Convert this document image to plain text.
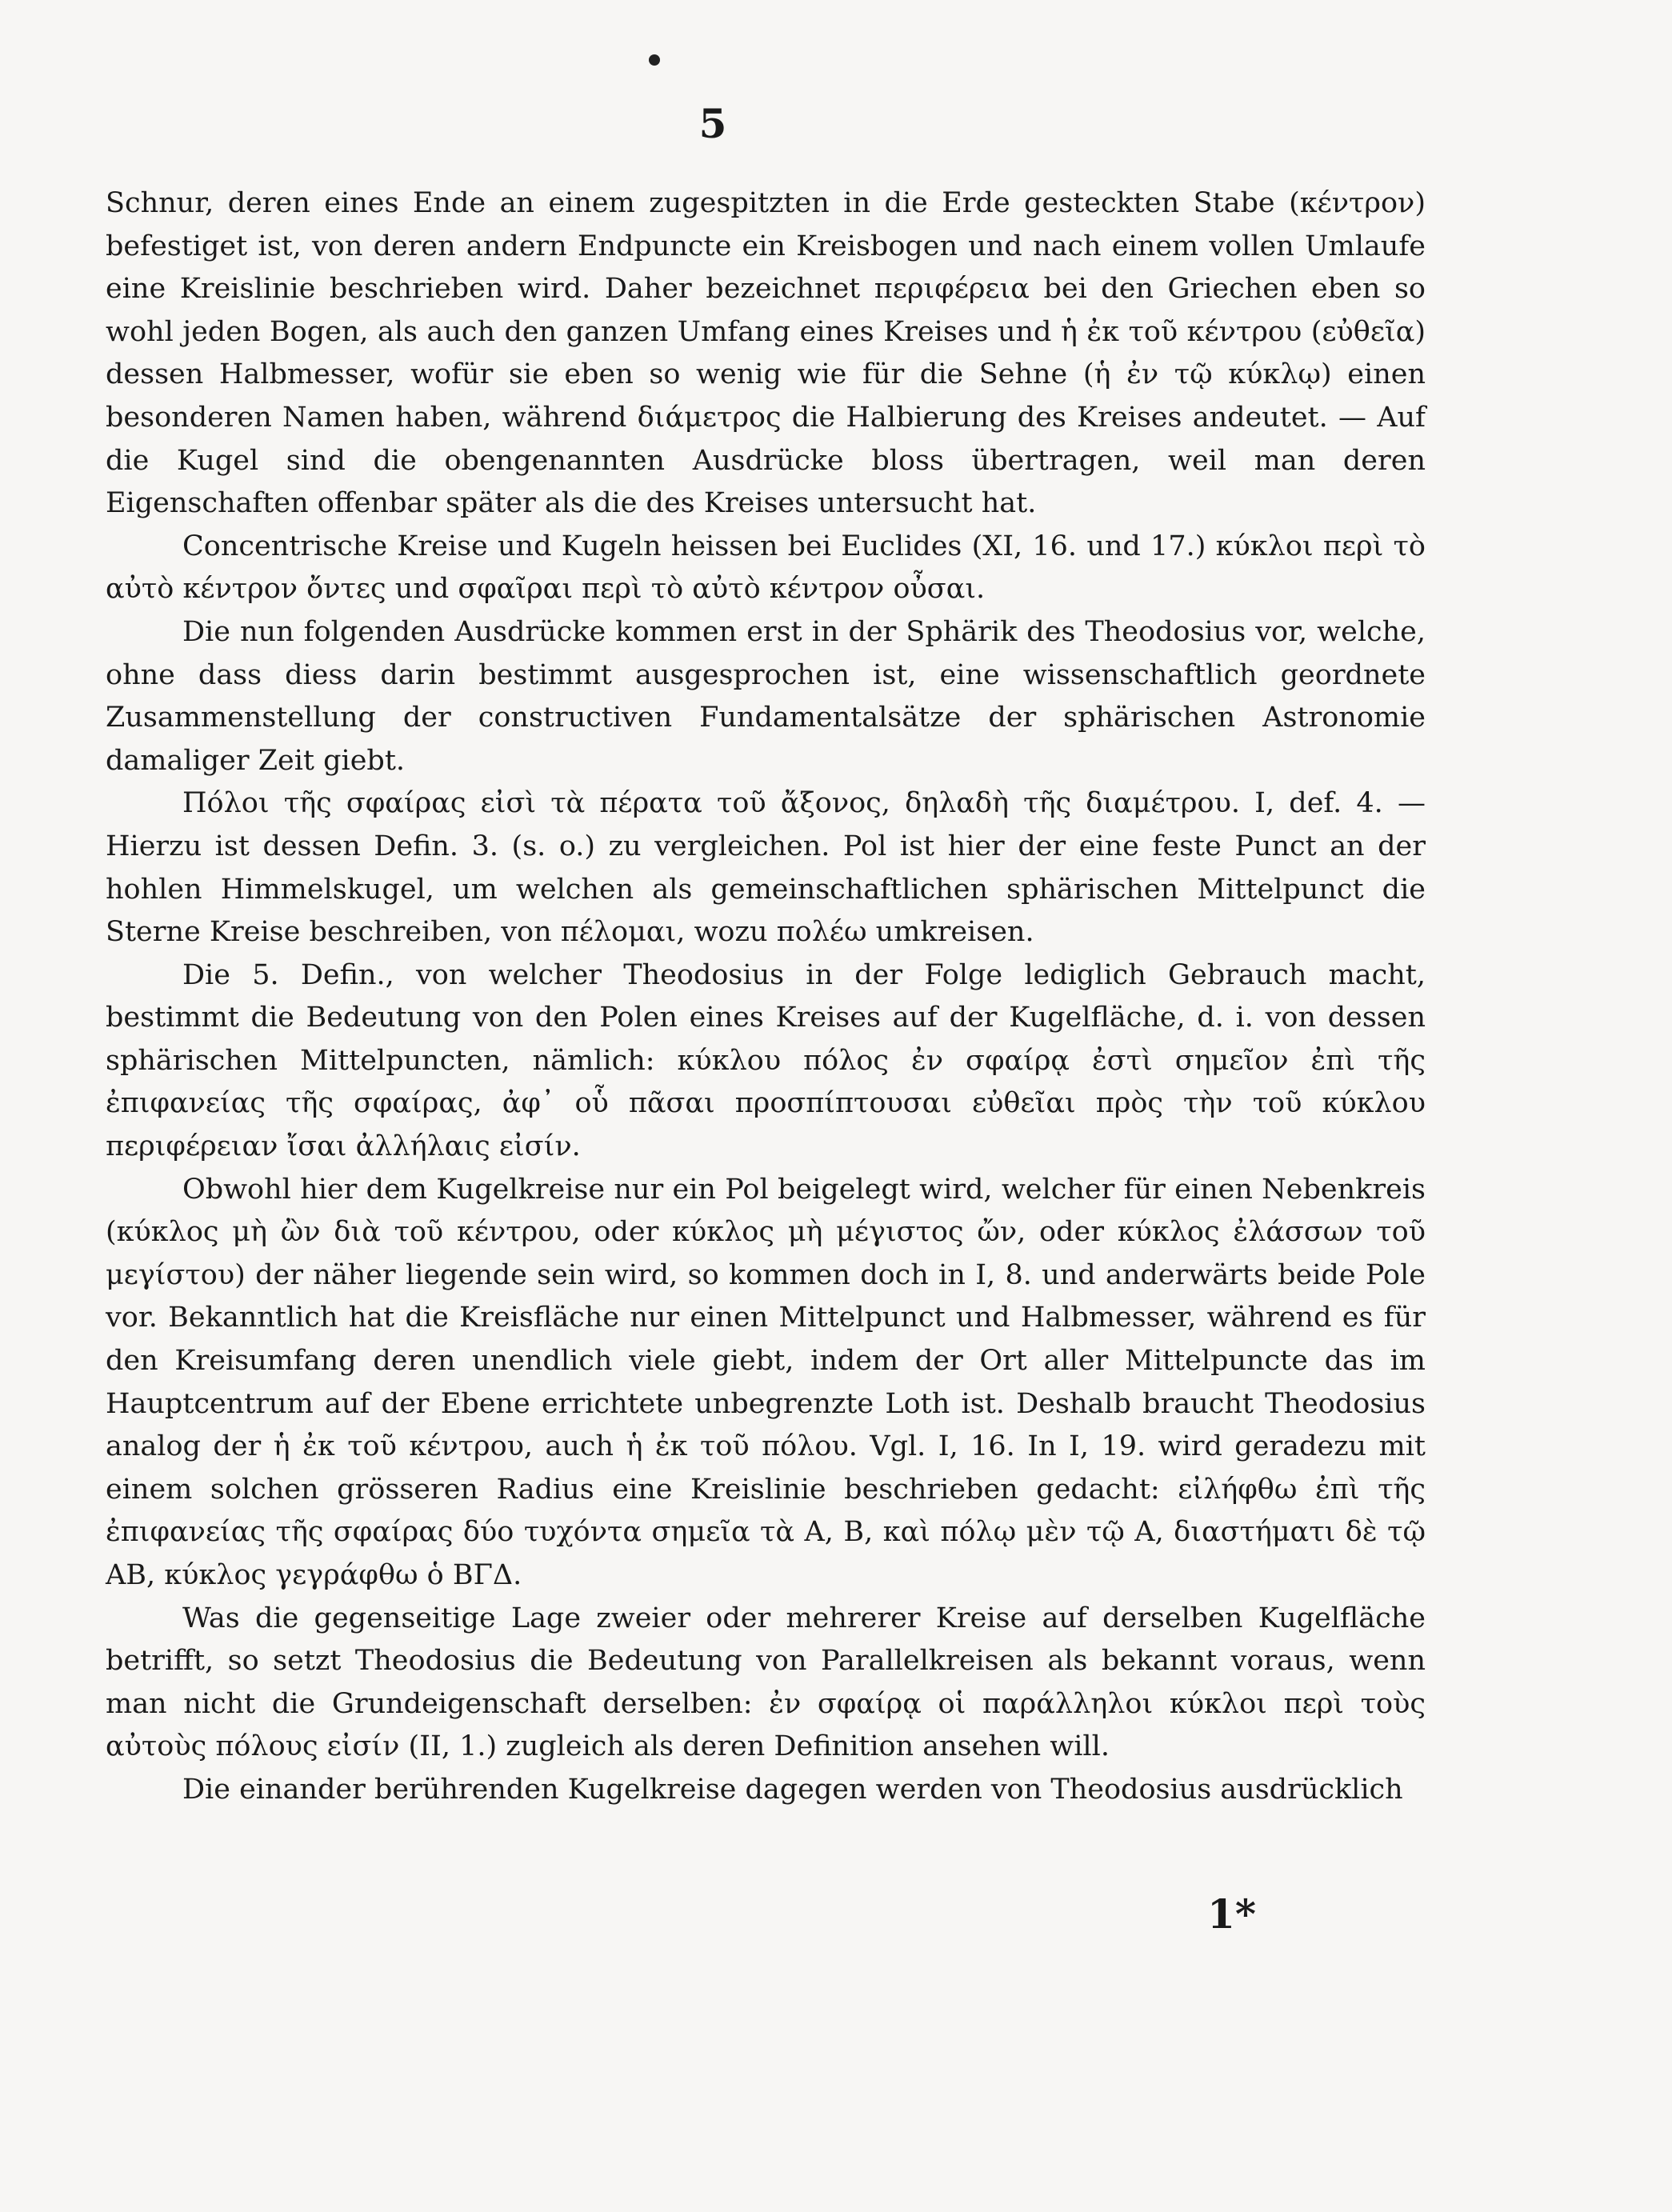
5

Schnur, deren eines Ende an einem zugespitzten in die Erde gesteckten Stabe (κέντρον) befestiget ist, von deren andern Endpuncte ein Kreisbogen und nach einem vollen Umlaufe eine Kreislinie beschrieben wird. Daher bezeichnet περιφέρεια bei den Griechen eben so wohl jeden Bogen, als auch den ganzen Umfang eines Kreises und ἡ ἐκ τοῦ κέντρου (εὐθεῖα) dessen Halbmesser, wofür sie eben so wenig wie für die Sehne (ἡ ἐν τῷ κύκλῳ) einen besonderen Namen haben, während διάμετρος die Halbierung des Kreises andeutet. — Auf die Kugel sind die obengenannten Ausdrücke bloss übertragen, weil man deren Eigenschaften offenbar später als die des Kreises untersucht hat.

Concentrische Kreise und Kugeln heissen bei Euclides (XI, 16. und 17.) κύκλοι περὶ τὸ αὐτὸ κέντρον ὄντες und σφαῖραι περὶ τὸ αὐτὸ κέντρον οὖσαι.

Die nun folgenden Ausdrücke kommen erst in der Sphärik des Theodosius vor, welche, ohne dass diess darin bestimmt ausgesprochen ist, eine wissenschaftlich geordnete Zusammenstellung der constructiven Fundamentalsätze der sphärischen Astronomie damaliger Zeit giebt.

Πόλοι τῆς σφαίρας εἰσὶ τὰ πέρατα τοῦ ἄξονος, δηλαδὴ τῆς διαμέτρου. I, def. 4. — Hierzu ist dessen Defin. 3. (s. o.) zu vergleichen. Pol ist hier der eine feste Punct an der hohlen Himmelskugel, um welchen als gemeinschaftlichen sphärischen Mittelpunct die Sterne Kreise beschreiben, von πέλομαι, wozu πολέω umkreisen.

Die 5. Defin., von welcher Theodosius in der Folge lediglich Gebrauch macht, bestimmt die Bedeutung von den Polen eines Kreises auf der Kugelfläche, d. i. von dessen sphärischen Mittelpuncten, nämlich: κύκλου πόλος ἐν σφαίρᾳ ἐστὶ σημεῖον ἐπὶ τῆς ἐπιφανείας τῆς σφαίρας, ἀφ᾽ οὗ πᾶσαι προσπίπτουσαι εὐθεῖαι πρὸς τὴν τοῦ κύκλου περιφέρειαν ἴσαι ἀλλήλαις εἰσίν.

Obwohl hier dem Kugelkreise nur ein Pol beigelegt wird, welcher für einen Nebenkreis (κύκλος μὴ ὢν διὰ τοῦ κέντρου, oder κύκλος μὴ μέγιστος ὤν, oder κύκλος ἐλάσσων τοῦ μεγίστου) der näher liegende sein wird, so kommen doch in I, 8. und anderwärts beide Pole vor. Bekanntlich hat die Kreisfläche nur einen Mittelpunct und Halbmesser, während es für den Kreisumfang deren unendlich viele giebt, indem der Ort aller Mittelpuncte das im Hauptcentrum auf der Ebene errichtete unbegrenzte Loth ist. Deshalb braucht Theodosius analog der ἡ ἐκ τοῦ κέντρου, auch ἡ ἐκ τοῦ πόλου. Vgl. I, 16. In I, 19. wird geradezu mit einem solchen grösseren Radius eine Kreislinie beschrieben gedacht: εἰλήφθω ἐπὶ τῆς ἐπιφανείας τῆς σφαίρας δύο τυχόντα σημεῖα τὰ Α, Β, καὶ πόλῳ μὲν τῷ Α, διαστήματι δὲ τῷ ΑΒ, κύκλος γεγράφθω ὁ ΒΓΔ.

Was die gegenseitige Lage zweier oder mehrerer Kreise auf derselben Kugelfläche betrifft, so setzt Theodosius die Bedeutung von Parallelkreisen als bekannt voraus, wenn man nicht die Grundeigenschaft derselben: ἐν σφαίρᾳ οἱ παράλληλοι κύκλοι περὶ τοὺς αὐτοὺς πόλους εἰσίν (II, 1.) zugleich als deren Definition ansehen will.

Die einander berührenden Kugelkreise dagegen werden von Theodosius ausdrücklich

1*
